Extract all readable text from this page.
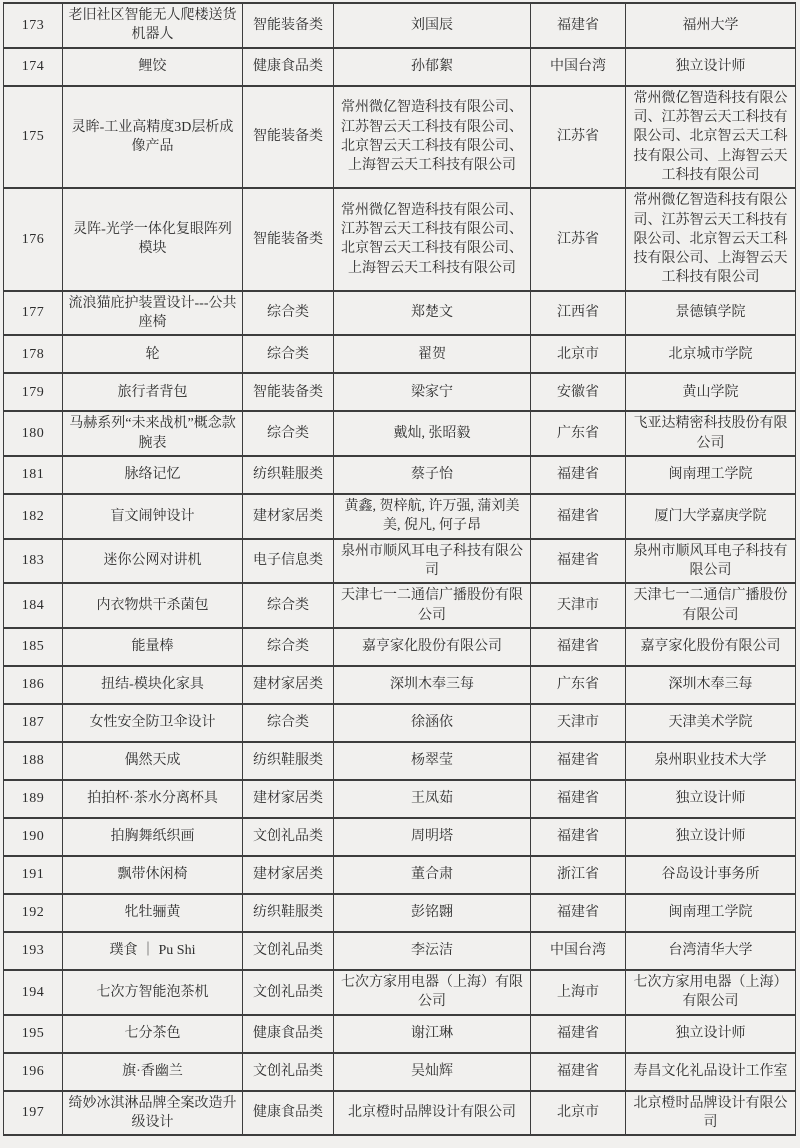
173	老旧社区智能无人爬楼送货机器人	智能装备类	刘国辰	福建省	福州大学
174	鲤饺	健康食品类	孙郁絮	中国台湾	独立设计师
175	灵眸-工业高精度3D层析成像产品	智能装备类	常州微亿智造科技有限公司、江苏智云天工科技有限公司、北京智云天工科技有限公司、上海智云天工科技有限公司	江苏省	常州微亿智造科技有限公司、江苏智云天工科技有限公司、北京智云天工科技有限公司、上海智云天工科技有限公司
176	灵阵-光学一体化复眼阵列模块	智能装备类	常州微亿智造科技有限公司、江苏智云天工科技有限公司、北京智云天工科技有限公司、上海智云天工科技有限公司	江苏省	常州微亿智造科技有限公司、江苏智云天工科技有限公司、北京智云天工科技有限公司、上海智云天工科技有限公司
177	流浪猫庇护装置设计---公共座椅	综合类	郑楚文	江西省	景德镇学院
178	轮	综合类	翟贺	北京市	北京城市学院
179	旅行者背包	智能装备类	梁家宁	安徽省	黄山学院
180	马赫系列“未来战机”概念款腕表	综合类	戴灿, 张昭毅	广东省	飞亚达精密科技股份有限公司
181	脉络记忆	纺织鞋服类	蔡子怡	福建省	闽南理工学院
182	盲文闹钟设计	建材家居类	黄鑫, 贺梓航, 许万强, 蒲刘美美, 倪凡, 何子昂	福建省	厦门大学嘉庚学院
183	迷你公网对讲机	电子信息类	泉州市顺风耳电子科技有限公司	福建省	泉州市顺风耳电子科技有限公司
184	内衣物烘干杀菌包	综合类	天津七一二通信广播股份有限公司	天津市	天津七一二通信广播股份有限公司
185	能量棒	综合类	嘉亨家化股份有限公司	福建省	嘉亨家化股份有限公司
186	扭结-模块化家具	建材家居类	深圳木奉三每	广东省	深圳木奉三每
187	女性安全防卫伞设计	综合类	徐涵依	天津市	天津美术学院
188	偶然天成	纺织鞋服类	杨翠莹	福建省	泉州职业技术大学
189	拍拍杯·茶水分离杯具	建材家居类	王凤茹	福建省	独立设计师
190	拍胸舞纸织画	文创礼品类	周明塔	福建省	独立设计师
191	飘带休闲椅	建材家居类	董合肃	浙江省	谷岛设计事务所
192	牝牡骊黄	纺织鞋服类	彭铭翾	福建省	闽南理工学院
193	璞食 ｜ Pu Shi	文创礼品类	李沄洁	中国台湾	台湾清华大学
194	七次方智能泡茶机	文创礼品类	七次方家用电器（上海）有限公司	上海市	七次方家用电器（上海）有限公司
195	七分茶色	健康食品类	谢江琳	福建省	独立设计师
196	旗·香幽兰	文创礼品类	吴灿辉	福建省	寿昌文化礼品设计工作室
197	绮妙冰淇淋品牌全案改造升级设计	健康食品类	北京橙时品牌设计有限公司	北京市	北京橙时品牌设计有限公司
